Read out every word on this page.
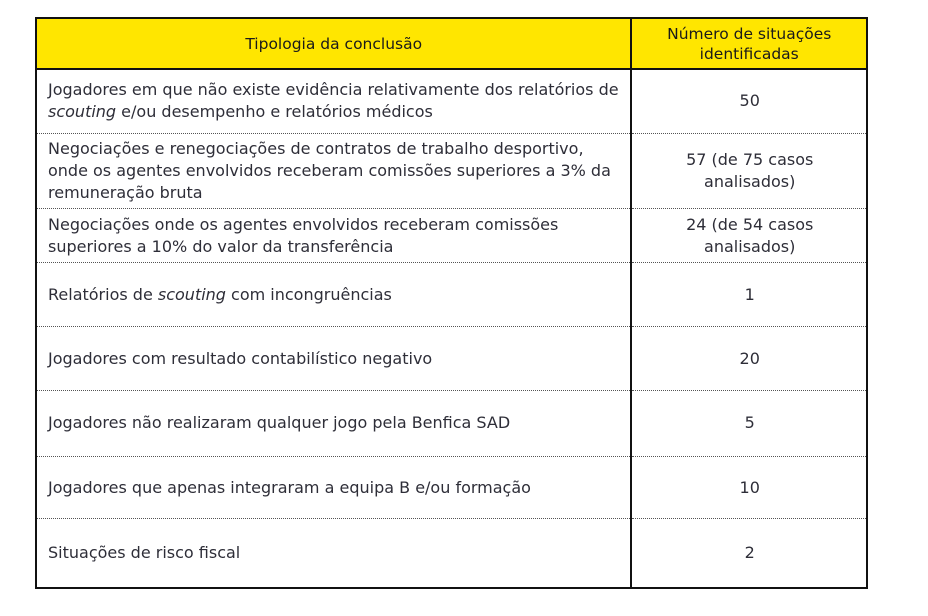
Tipologia da conclusão	Número de situações identificadas
Jogadores em que não existe evidência relativamente dos relatórios de scouting e/ou desempenho e relatórios médicos	50
Negociações e renegociações de contratos de trabalho desportivo, onde os agentes envolvidos receberam comissões superiores a 3% da remuneração bruta	57 (de 75 casos analisados)
Negociações onde os agentes envolvidos receberam comissões superiores a 10% do valor da transferência	24 (de 54 casos analisados)
Relatórios de scouting com incongruências	1
Jogadores com resultado contabilístico negativo	20
Jogadores não realizaram qualquer jogo pela Benfica SAD	5
Jogadores que apenas integraram a equipa B e/ou formação	10
Situações de risco fiscal	2
